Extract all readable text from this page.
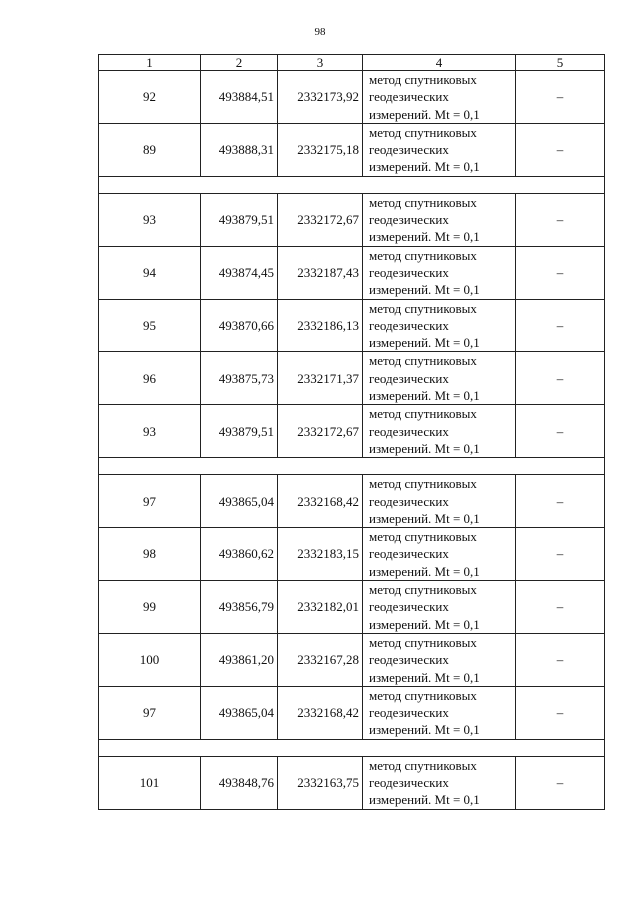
98
1	2	3	4	5
92	493884,51	2332173,92	метод спутниковых
геодезических
измерений. Mt = 0,1	–
89	493888,31	2332175,18	метод спутниковых
геодезических
измерений. Mt = 0,1	–

93	493879,51	2332172,67	метод спутниковых
геодезических
измерений. Mt = 0,1	–
94	493874,45	2332187,43	метод спутниковых
геодезических
измерений. Mt = 0,1	–
95	493870,66	2332186,13	метод спутниковых
геодезических
измерений. Mt = 0,1	–
96	493875,73	2332171,37	метод спутниковых
геодезических
измерений. Mt = 0,1	–
93	493879,51	2332172,67	метод спутниковых
геодезических
измерений. Mt = 0,1	–

97	493865,04	2332168,42	метод спутниковых
геодезических
измерений. Mt = 0,1	–
98	493860,62	2332183,15	метод спутниковых
геодезических
измерений. Mt = 0,1	–
99	493856,79	2332182,01	метод спутниковых
геодезических
измерений. Mt = 0,1	–
100	493861,20	2332167,28	метод спутниковых
геодезических
измерений. Mt = 0,1	–
97	493865,04	2332168,42	метод спутниковых
геодезических
измерений. Mt = 0,1	–

101	493848,76	2332163,75	метод спутниковых
геодезических
измерений. Mt = 0,1	–
